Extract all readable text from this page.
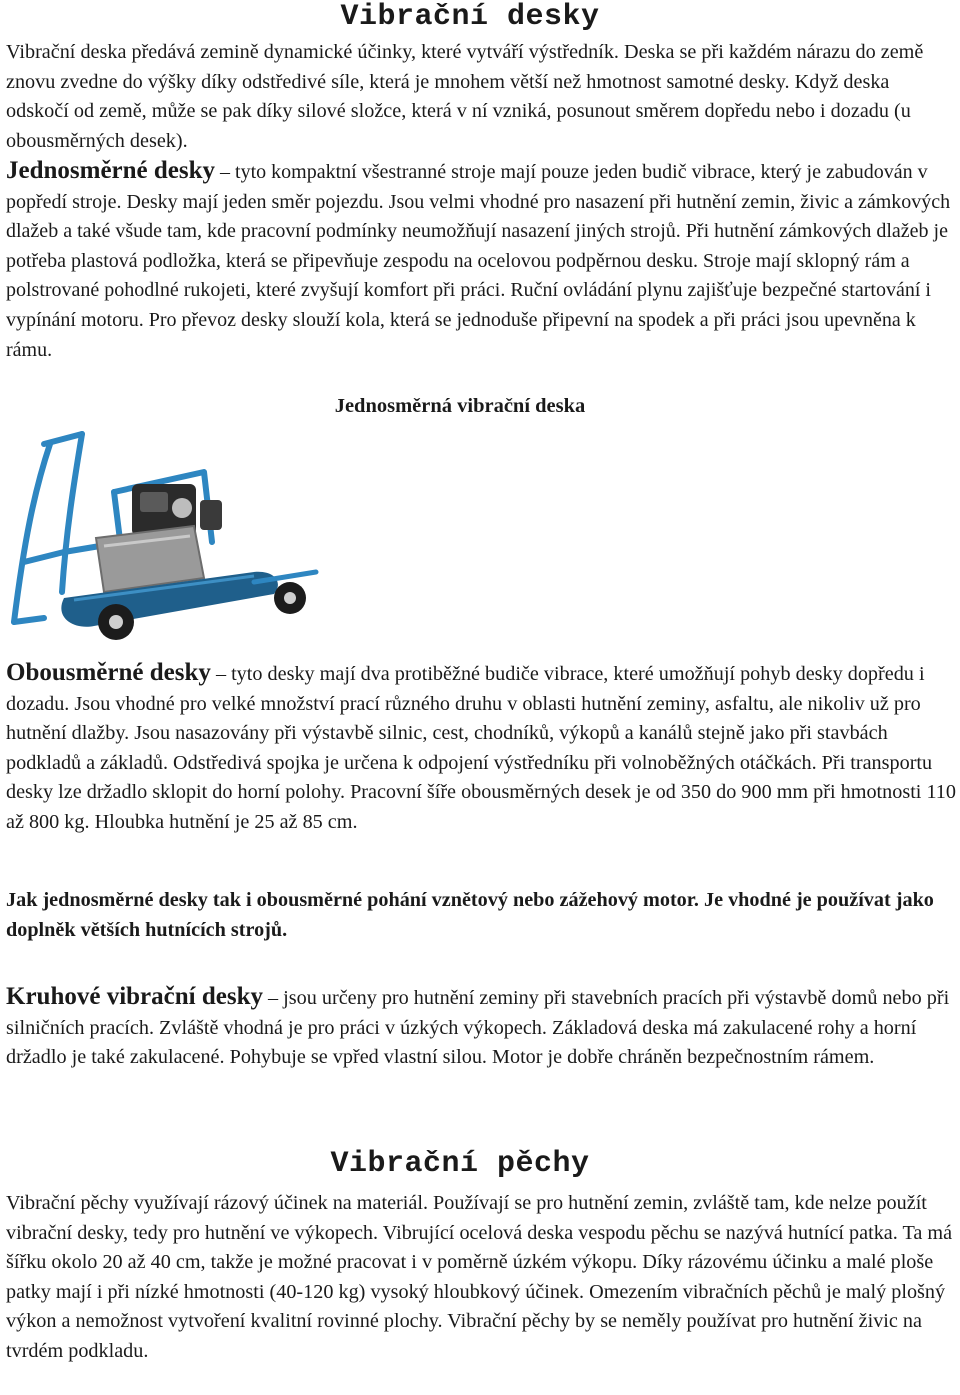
Vibrační desky

Vibrační deska předává zemině dynamické účinky, které vytváří výstředník. Deska se při každém nárazu do země znovu zvedne do výšky díky odstředivé síle, která je mnohem větší než hmotnost samotné desky. Když deska odskočí od země, může se pak díky silové složce, která v ní vzniká, posunout směrem dopředu nebo i dozadu (u obousměrných desek).

Jednosměrné desky – tyto kompaktní všestranné stroje mají pouze jeden budič vibrace, který je zabudován v popředí stroje. Desky mají jeden směr pojezdu. Jsou velmi vhodné pro nasazení při hutnění zemin, živic a zámkových dlažeb a také všude tam, kde pracovní podmínky neumožňují nasazení jiných strojů. Při hutnění zámkových dlažeb je potřeba plastová podložka, která se připevňuje zespodu na ocelovou podpěrnou desku. Stroje mají sklopný rám a polstrované pohodlné rukojeti, které zvyšují komfort při práci. Ruční ovládání plynu zajišťuje bezpečné startování i vypínání motoru. Pro převoz desky slouží kola, která se jednoduše připevní na spodek a při práci jsou upevněna k rámu.

Jednosměrná vibrační deska

Obousměrné desky – tyto desky mají dva protiběžné budiče vibrace, které umožňují pohyb desky dopředu i dozadu. Jsou vhodné pro velké množství prací různého druhu v oblasti hutnění zeminy, asfaltu, ale nikoliv už pro hutnění dlažby. Jsou nasazovány při výstavbě silnic, cest, chodníků, výkopů a kanálů stejně jako při stavbách podkladů a základů. Odstředivá spojka je určena k odpojení výstředníku při volnoběžných otáčkách. Při transportu desky lze držadlo sklopit do horní polohy. Pracovní šíře obousměrných desek je od 350 do 900 mm při hmotnosti 110 až 800 kg. Hloubka hutnění je 25 až 85 cm.

Jak jednosměrné desky tak i obousměrné pohání vznětový nebo zážehový motor. Je vhodné je používat jako doplněk větších hutnících strojů.

Kruhové vibrační desky – jsou určeny pro hutnění zeminy při stavebních pracích při výstavbě domů nebo při silničních pracích. Zvláště vhodná je pro práci v úzkých výkopech. Základová deska má zakulacené rohy a horní držadlo je také zakulacené. Pohybuje se vpřed vlastní silou. Motor je dobře chráněn bezpečnostním rámem.

Vibrační pěchy

Vibrační pěchy využívají rázový účinek na materiál. Používají se pro hutnění zemin, zvláště tam, kde nelze použít vibrační desky, tedy pro hutnění ve výkopech. Vibrující ocelová deska vespodu pěchu se nazývá hutnící patka. Ta má šířku okolo 20 až 40 cm, takže je možné pracovat i v poměrně úzkém výkopu. Díky rázovému účinku a malé ploše patky mají i při nízké hmotnosti (40-120 kg) vysoký hloubkový účinek. Omezením vibračních pěchů je malý plošný výkon a nemožnost vytvoření kvalitní rovinné plochy. Vibrační pěchy by se neměly používat pro hutnění živic na tvrdém podkladu.
